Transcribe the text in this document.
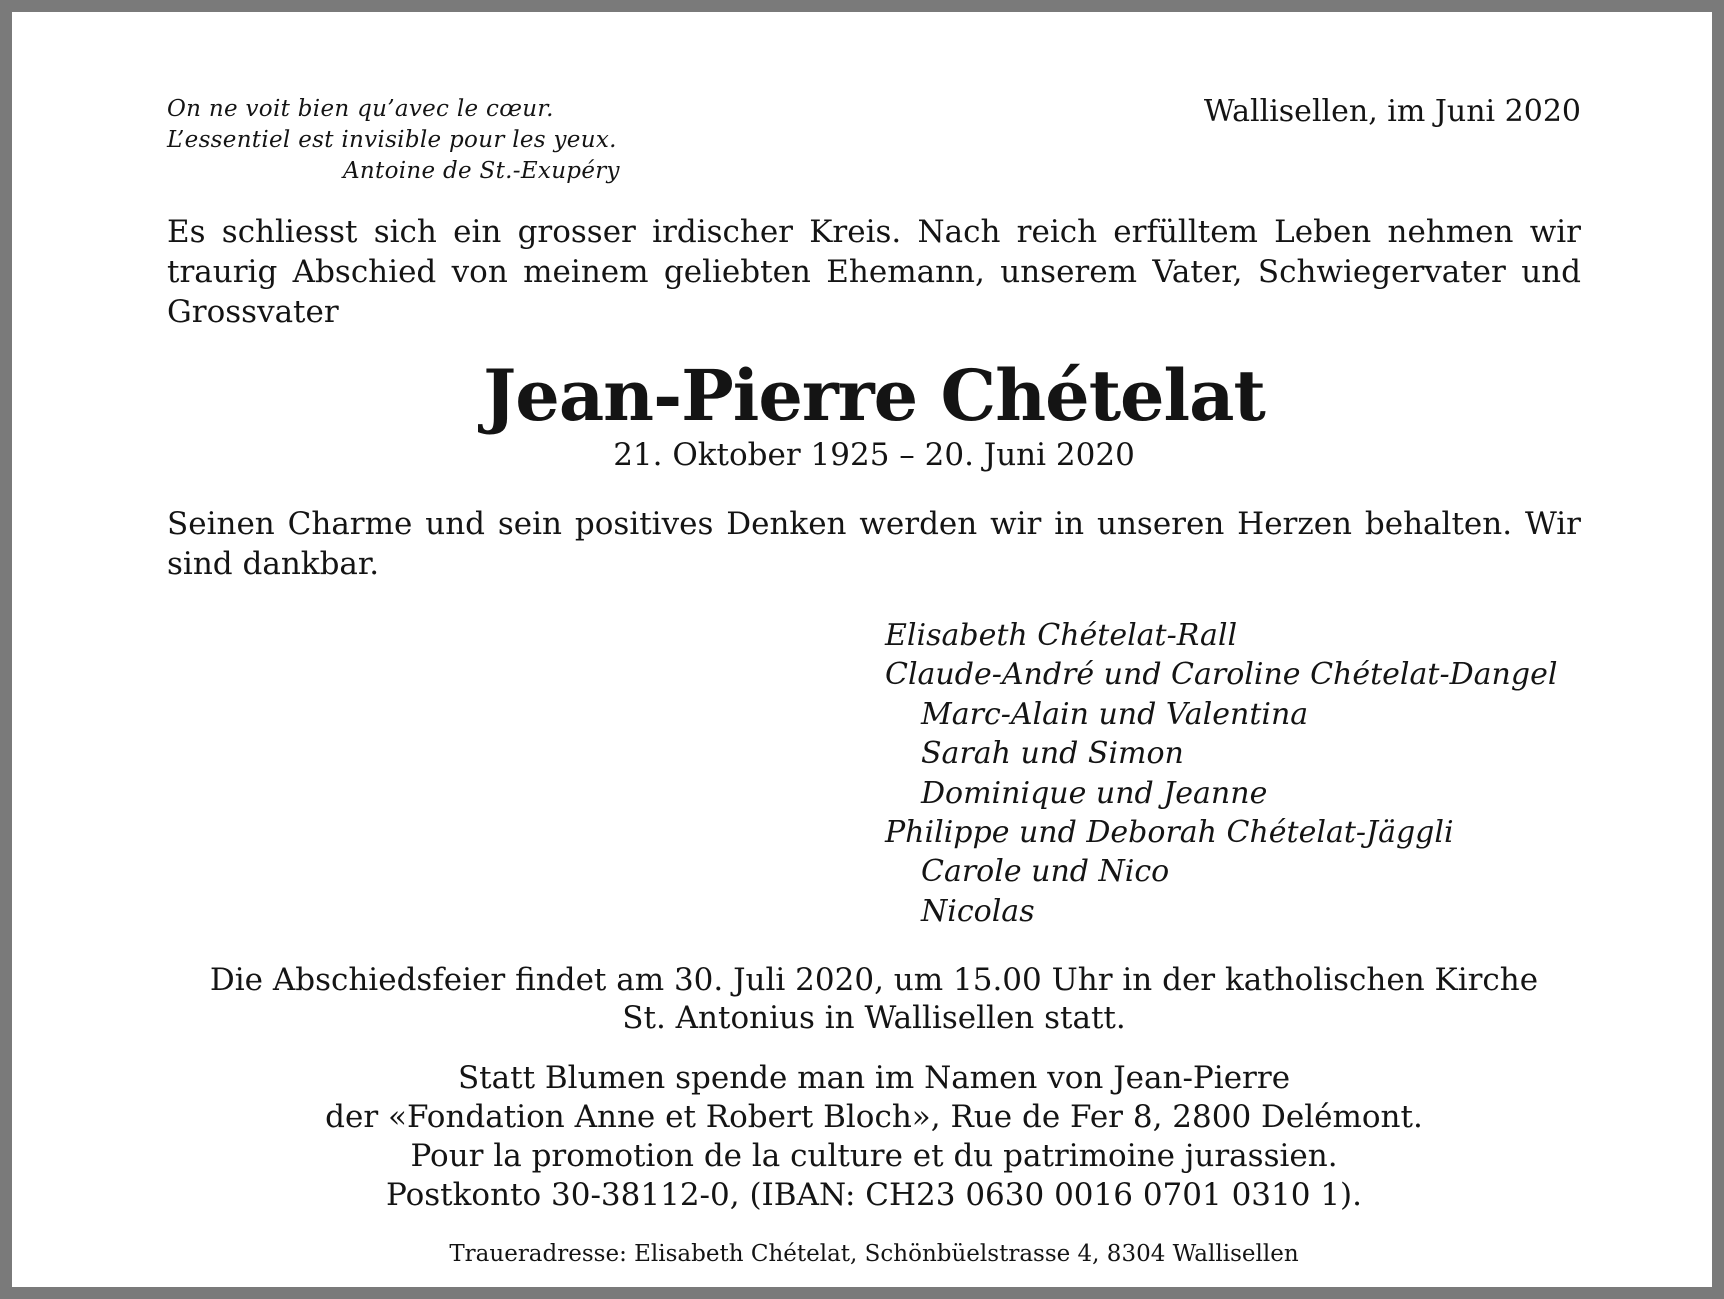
On ne voit bien qu’avec le cœur.
L’essentiel est invisible pour les yeux.
Antoine de St.-Exupéry
Wallisellen, im Juni 2020
Es schliesst sich ein grosser irdischer Kreis. Nach reich erfülltem Leben nehmen wir traurig Abschied von meinem geliebten Ehemann, unserem Vater, Schwiegervater und Grossvater
Jean-Pierre Chételat
21. Oktober 1925 – 20. Juni 2020
Seinen Charme und sein positives Denken werden wir in unseren Herzen behalten. Wir sind dankbar.
Elisabeth Chételat-Rall
Claude-André und Caroline Chételat-Dangel
Marc-Alain und Valentina
Sarah und Simon
Dominique und Jeanne
Philippe und Deborah Chételat-Jäggli
Carole und Nico
Nicolas
Die Abschiedsfeier findet am 30. Juli 2020, um 15.00 Uhr in der katholischen Kirche
St. Antonius in Wallisellen statt.
Statt Blumen spende man im Namen von Jean-Pierre
der «Fondation Anne et Robert Bloch», Rue de Fer 8, 2800 Delémont.
Pour la promotion de la culture et du patrimoine jurassien.
Postkonto 30-38112-0, (IBAN: CH23 0630 0016 0701 0310 1).
Traueradresse: Elisabeth Chételat, Schönbüelstrasse 4, 8304 Wallisellen
